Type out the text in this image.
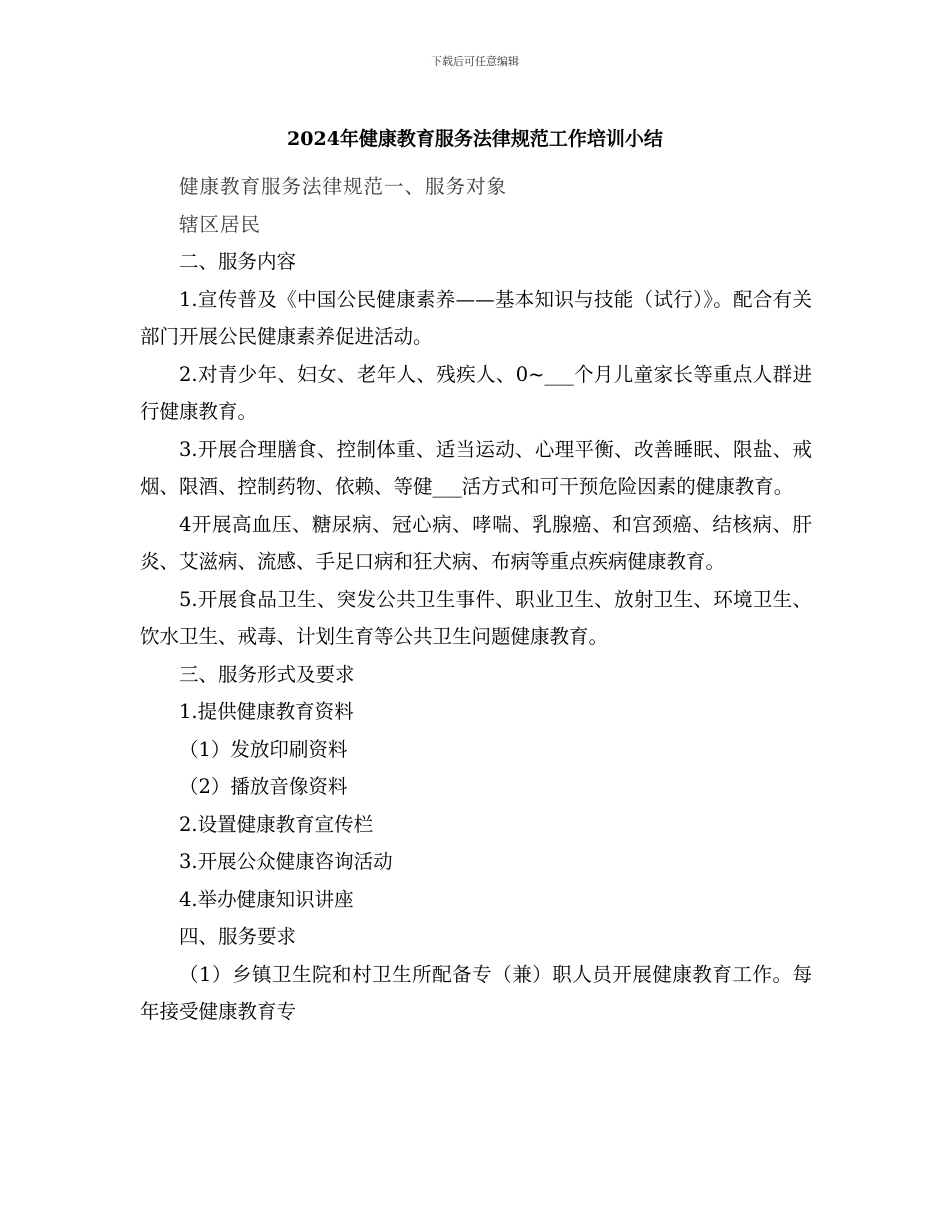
下载后可任意编辑
2024年健康教育服务法律规范工作培训小结

健康教育服务法律规范一、服务对象

辖区居民

二、服务内容

1.宣传普及《中国公民健康素养——基本知识与技能（试行）》。配合有关部门开展公民健康素养促进活动。

2.对青少年、妇女、老年人、残疾人、0~___个月儿童家长等重点人群进行健康教育。

3.开展合理膳食、控制体重、适当运动、心理平衡、改善睡眠、限盐、戒烟、限酒、控制药物、依赖、等健___活方式和可干预危险因素的健康教育。

4开展高血压、糖尿病、冠心病、哮喘、乳腺癌、和宫颈癌、结核病、肝炎、艾滋病、流感、手足口病和狂犬病、布病等重点疾病健康教育。

5.开展食品卫生、突发公共卫生事件、职业卫生、放射卫生、环境卫生、饮水卫生、戒毒、计划生育等公共卫生问题健康教育。

三、服务形式及要求

1.提供健康教育资料

（1）发放印刷资料

（2）播放音像资料

2.设置健康教育宣传栏

3.开展公众健康咨询活动

4.举办健康知识讲座

四、服务要求

（1）乡镇卫生院和村卫生所配备专（兼）职人员开展健康教育工作。每年接受健康教育专
